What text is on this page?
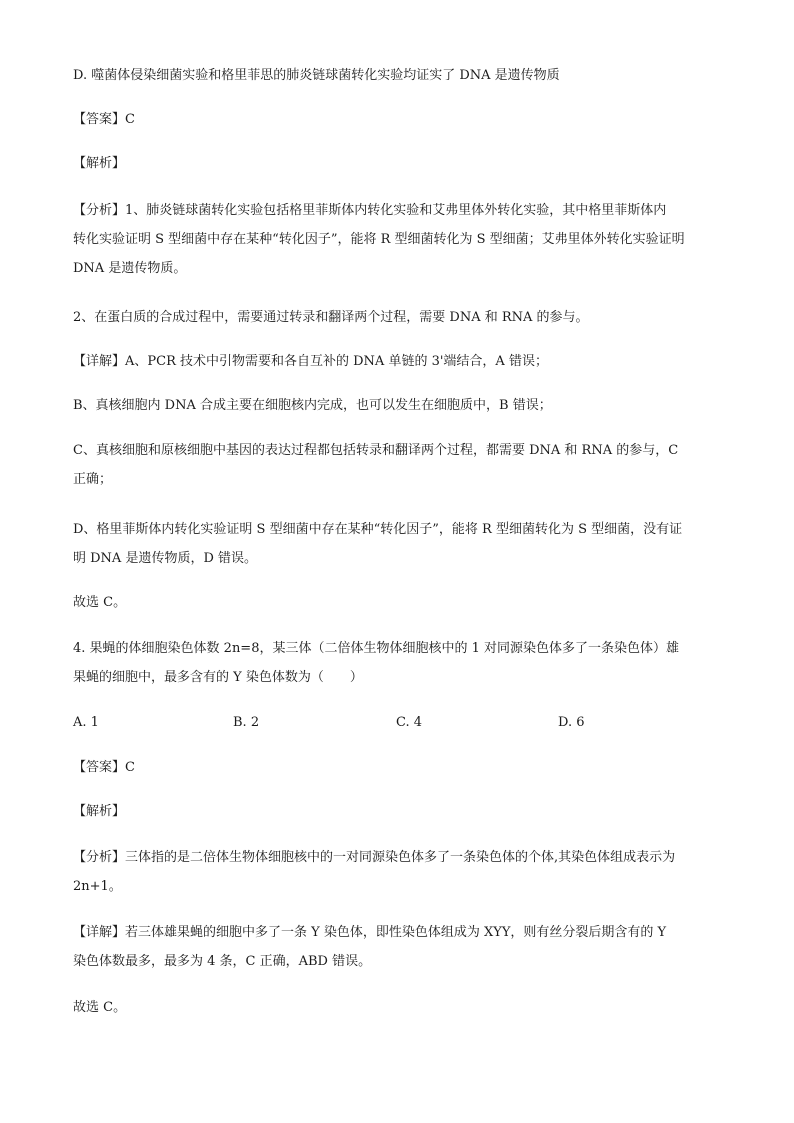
D. 噬菌体侵染细菌实验和格里菲思的肺炎链球菌转化实验均证实了 DNA 是遗传物质
【答案】C
【解析】
【分析】1、肺炎链球菌转化实验包括格里菲斯体内转化实验和艾弗里体外转化实验，其中格里菲斯体内
转化实验证明 S 型细菌中存在某种“转化因子”，能将 R 型细菌转化为 S 型细菌；艾弗里体外转化实验证明
DNA 是遗传物质。
2、在蛋白质的合成过程中，需要通过转录和翻译两个过程，需要 DNA 和 RNA 的参与。
【详解】A、PCR 技术中引物需要和各自互补的 DNA 单链的 3'端结合，A 错误；
B、真核细胞内 DNA 合成主要在细胞核内完成，也可以发生在细胞质中，B 错误；
C、真核细胞和原核细胞中基因的表达过程都包括转录和翻译两个过程，都需要 DNA 和 RNA 的参与，C
正确；
D、格里菲斯体内转化实验证明 S 型细菌中存在某种“转化因子”，能将 R 型细菌转化为 S 型细菌，没有证
明 DNA 是遗传物质，D 错误。
故选 C。
4. 果蝇的体细胞染色体数 2n=8，某三体（二倍体生物体细胞核中的 1 对同源染色体多了一条染色体）雄
果蝇的细胞中，最多含有的 Y 染色体数为（　　）
A. 1	B. 2	C. 4	D. 6
【答案】C
【解析】
【分析】三体指的是二倍体生物体细胞核中的一对同源染色体多了一条染色体的个体,其染色体组成表示为
2n+1。
【详解】若三体雄果蝇的细胞中多了一条 Y 染色体，即性染色体组成为 XYY，则有丝分裂后期含有的 Y
染色体数最多，最多为 4 条，C 正确，ABD 错误。
故选 C。
